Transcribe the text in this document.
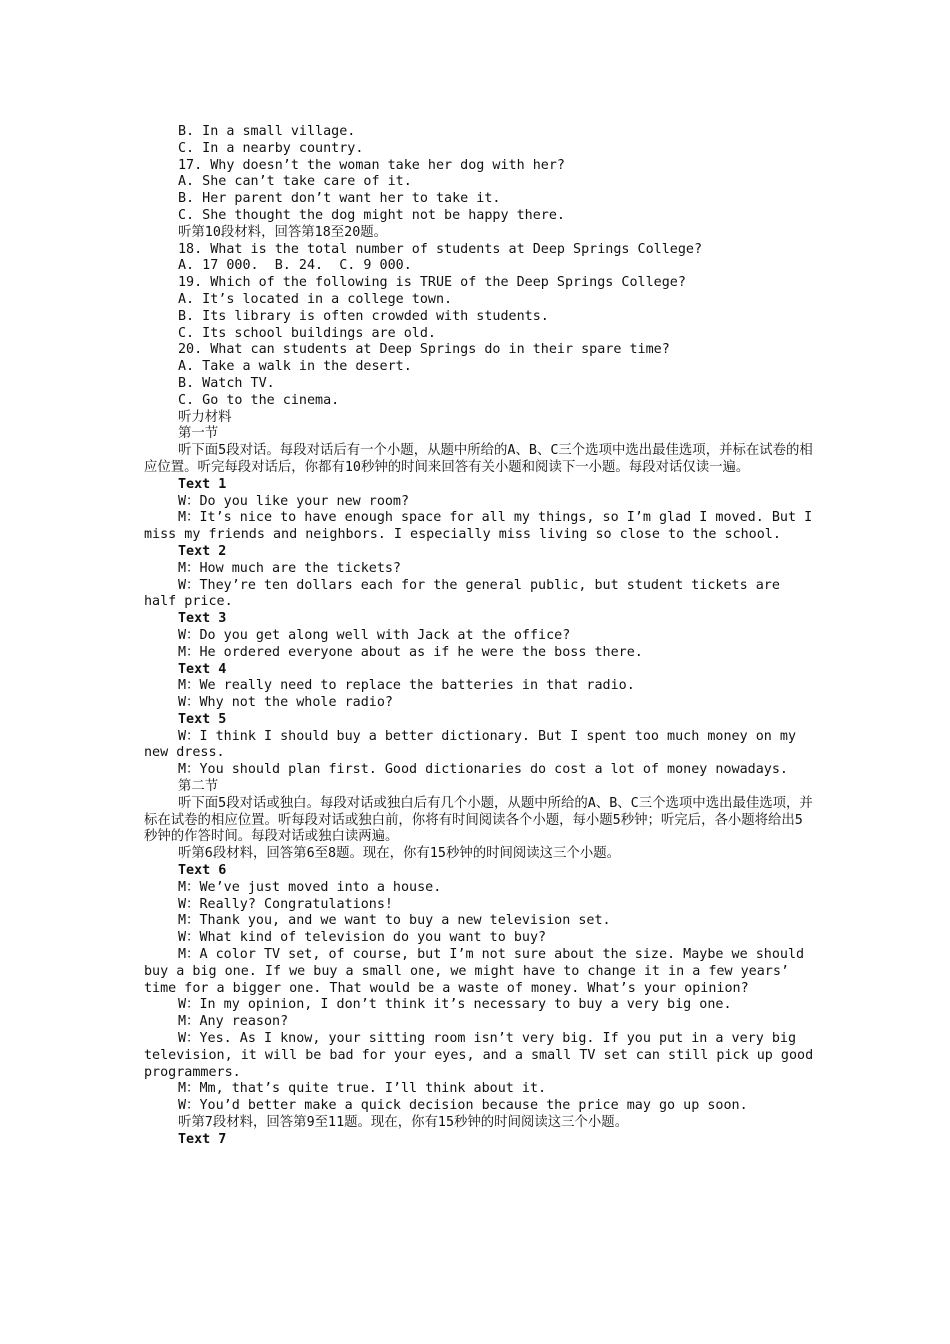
B. In a small village.
C. In a nearby country.
17. Why doesn’t the woman take her dog with her?
A. She can’t take care of it.
B. Her parent don’t want her to take it.
C. She thought the dog might not be happy there.
听第10段材料，回答第18至20题。
18. What is the total number of students at Deep Springs College?
A. 17 000.  B. 24.  C. 9 000.
19. Which of the following is TRUE of the Deep Springs College?
A. It’s located in a college town.
B. Its library is often crowded with students.
C. Its school buildings are old.
20. What can students at Deep Springs do in their spare time?
A. Take a walk in the desert.
B. Watch TV.
C. Go to the cinema.
听力材料
第一节
听下面5段对话。每段对话后有一个小题，从题中所给的A、B、C三个选项中选出最佳选项，并标在试卷的相应位置。听完每段对话后，你都有10秒钟的时间来回答有关小题和阅读下一小题。每段对话仅读一遍。
Text 1
W：Do you like your new room?
M：It’s nice to have enough space for all my things, so I’m glad I moved. But I miss my friends and neighbors. I especially miss living so close to the school.
Text 2
M：How much are the tickets?
W：They’re ten dollars each for the general public, but student tickets are half price.
Text 3
W：Do you get along well with Jack at the office?
M：He ordered everyone about as if he were the boss there.
Text 4
M：We really need to replace the batteries in that radio.
W：Why not the whole radio?
Text 5
W：I think I should buy a better dictionary. But I spent too much money on my new dress.
M：You should plan first. Good dictionaries do cost a lot of money nowadays.
第二节
听下面5段对话或独白。每段对话或独白后有几个小题，从题中所给的A、B、C三个选项中选出最佳选项，并标在试卷的相应位置。听每段对话或独白前，你将有时间阅读各个小题，每小题5秒钟；听完后，各小题将给出5秒钟的作答时间。每段对话或独白读两遍。
听第6段材料，回答第6至8题。现在，你有15秒钟的时间阅读这三个小题。
Text 6
M：We’ve just moved into a house.
W：Really? Congratulations!
M：Thank you, and we want to buy a new television set.
W：What kind of television do you want to buy?
M：A color TV set, of course, but I’m not sure about the size. Maybe we should buy a big one. If we buy a small one, we might have to change it in a few years’ time for a bigger one. That would be a waste of money. What’s your opinion?
W：In my opinion, I don’t think it’s necessary to buy a very big one.
M：Any reason?
W：Yes. As I know, your sitting room isn’t very big. If you put in a very big television, it will be bad for your eyes, and a small TV set can still pick up good programmers.
M：Mm, that’s quite true. I’ll think about it.
W：You’d better make a quick decision because the price may go up soon.
听第7段材料，回答第9至11题。现在，你有15秒钟的时间阅读这三个小题。
Text 7
